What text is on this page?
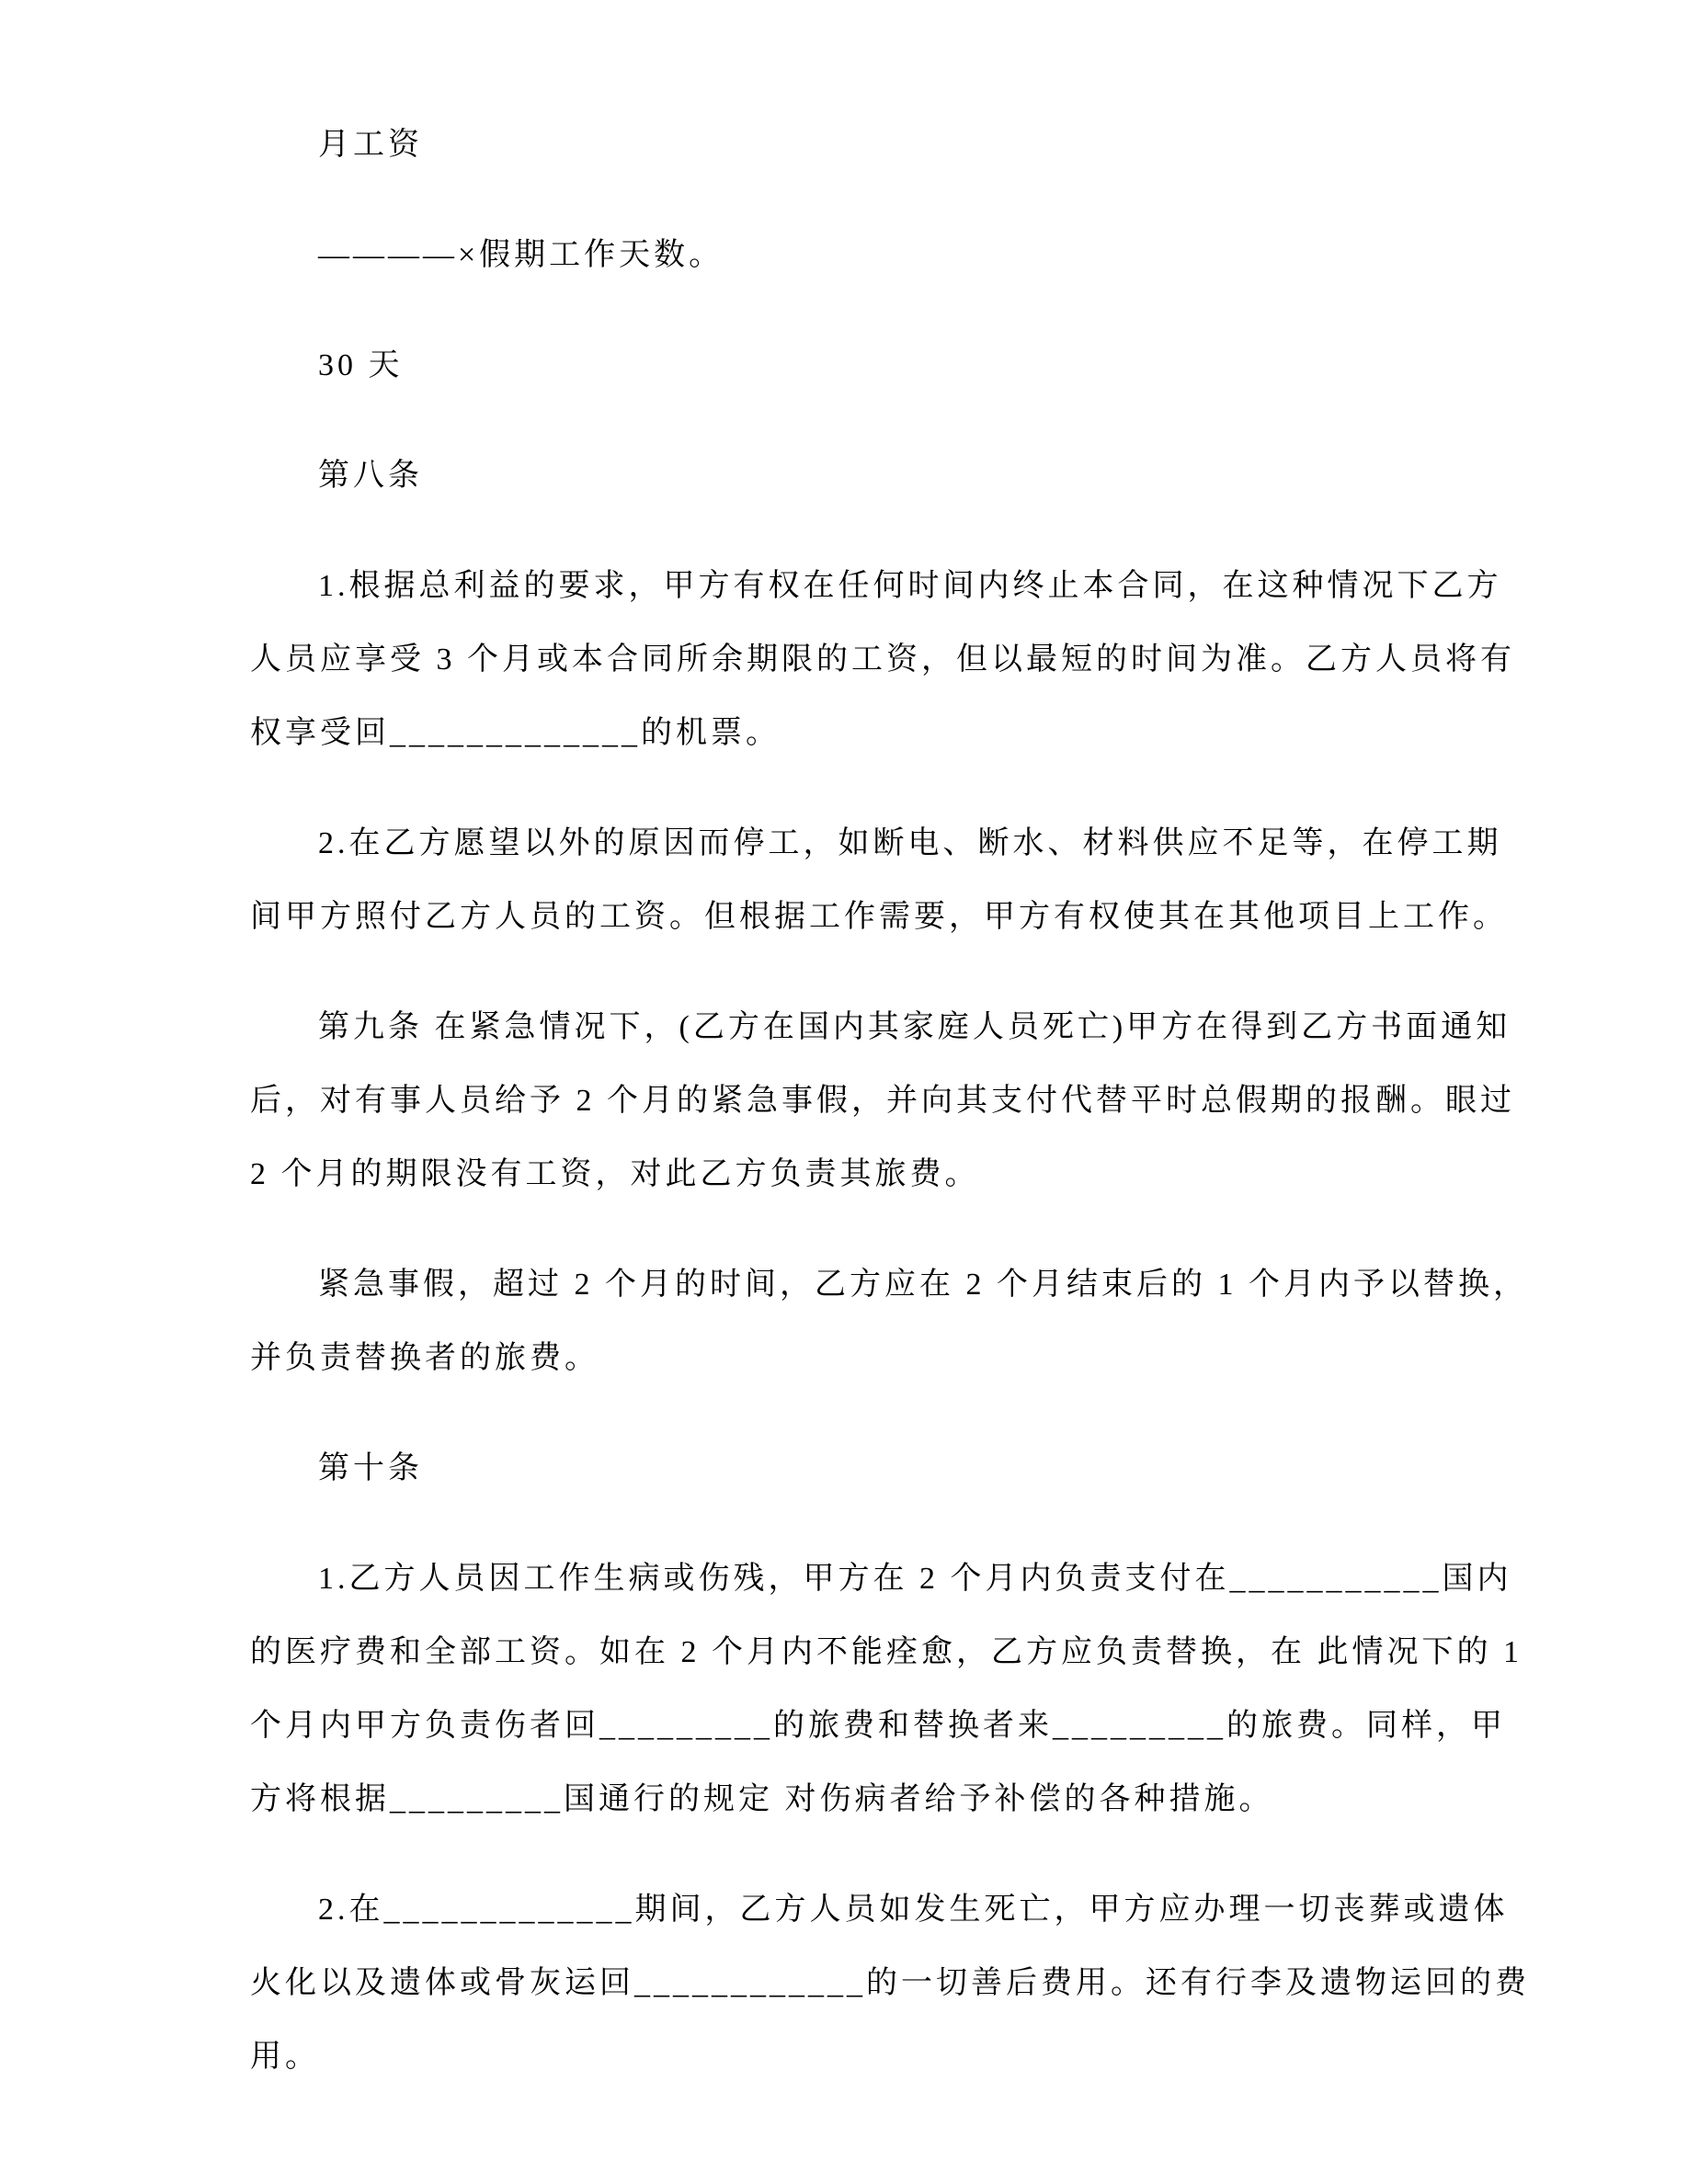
月工资
————×假期工作天数。
30 天
第八条
1.根据总利益的要求，甲方有权在任何时间内终止本合同，在这种情况下乙方
人员应享受 3 个月或本合同所余期限的工资，但以最短的时间为准。乙方人员将有
权享受回_____________的机票。
2.在乙方愿望以外的原因而停工，如断电、断水、材料供应不足等，在停工期
间甲方照付乙方人员的工资。但根据工作需要，甲方有权使其在其他项目上工作。
第九条 在紧急情况下，(乙方在国内其家庭人员死亡)甲方在得到乙方书面通知
后，对有事人员给予 2 个月的紧急事假，并向其支付代替平时总假期的报酬。眼过
2 个月的期限没有工资，对此乙方负责其旅费。
紧急事假，超过 2 个月的时间，乙方应在 2 个月结束后的 1 个月内予以替换，
并负责替换者的旅费。
第十条
1.乙方人员因工作生病或伤残，甲方在 2 个月内负责支付在___________国内
的医疗费和全部工资。如在 2 个月内不能痊愈，乙方应负责替换，在 此情况下的 1
个月内甲方负责伤者回_________的旅费和替换者来_________的旅费。同样，甲
方将根据_________国通行的规定 对伤病者给予补偿的各种措施。
2.在_____________期间，乙方人员如发生死亡，甲方应办理一切丧葬或遗体
火化以及遗体或骨灰运回____________的一切善后费用。还有行李及遗物运回的费
用。
